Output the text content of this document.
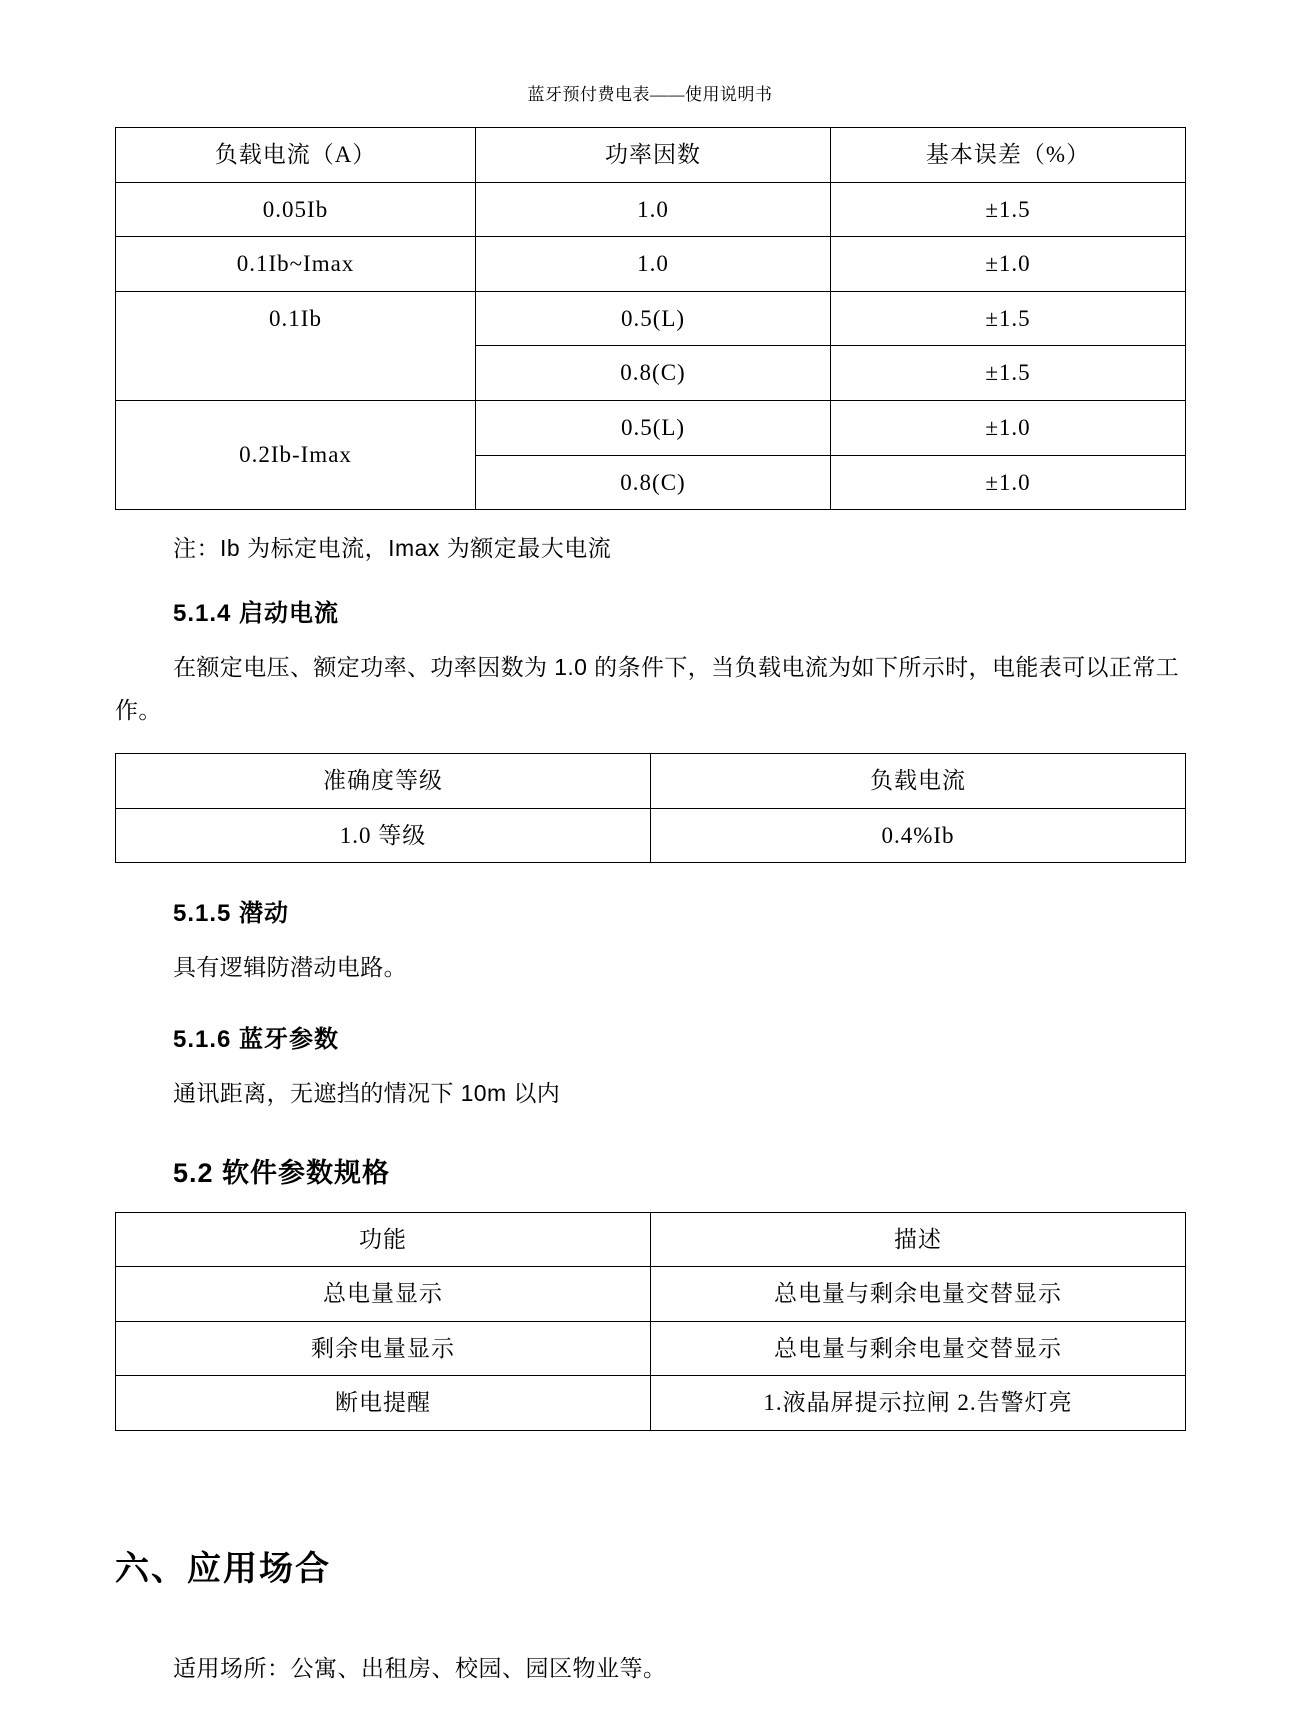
蓝牙预付费电表——使用说明书
负载电流（A）	功率因数	基本误差（%）
0.05Ib	1.0	±1.5
0.1Ib~Imax	1.0	±1.0
0.1Ib	0.5(L)	±1.5
	0.8(C)	±1.5
0.2Ib-Imax	0.5(L)	±1.0
	0.8(C)	±1.0
注：Ib 为标定电流，Imax 为额定最大电流
5.1.4 启动电流

在额定电压、额定功率、功率因数为 1.0 的条件下，当负载电流为如下所示时，电能表可以正常工作。

准确度等级	负载电流
1.0 等级	0.4%Ib
5.1.5 潜动

具有逻辑防潜动电路。

5.1.6 蓝牙参数

通讯距离，无遮挡的情况下 10m 以内

5.2 软件参数规格
功能	描述
总电量显示	总电量与剩余电量交替显示
剩余电量显示	总电量与剩余电量交替显示
断电提醒	1.液晶屏提示拉闸 2.告警灯亮
六、应用场合

适用场所：公寓、出租房、校园、园区物业等。
